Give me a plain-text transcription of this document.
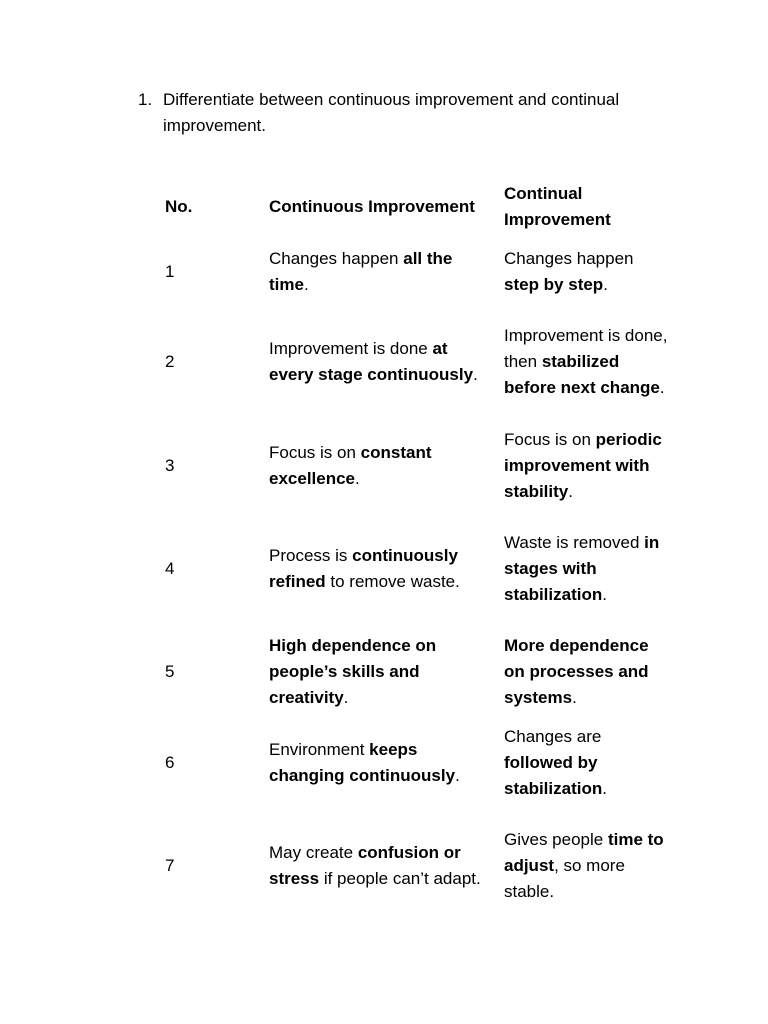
1. Differentiate between continuous improvement and continual improvement.
No.	Continuous Improvement	Continual Improvement
1	Changes happen all the time.	Changes happen step by step.
2	Improvement is done at every stage continuously.	Improvement is done, then stabilized before next change.
3	Focus is on constant excellence.	Focus is on periodic improvement with stability.
4	Process is continuously refined to remove waste.	Waste is removed in stages with stabilization.
5	High dependence on people’s skills and creativity.	More dependence on processes and systems.
6	Environment keeps changing continuously.	Changes are followed by stabilization.
7	May create confusion or stress if people can’t adapt.	Gives people time to adjust, so more stable.
